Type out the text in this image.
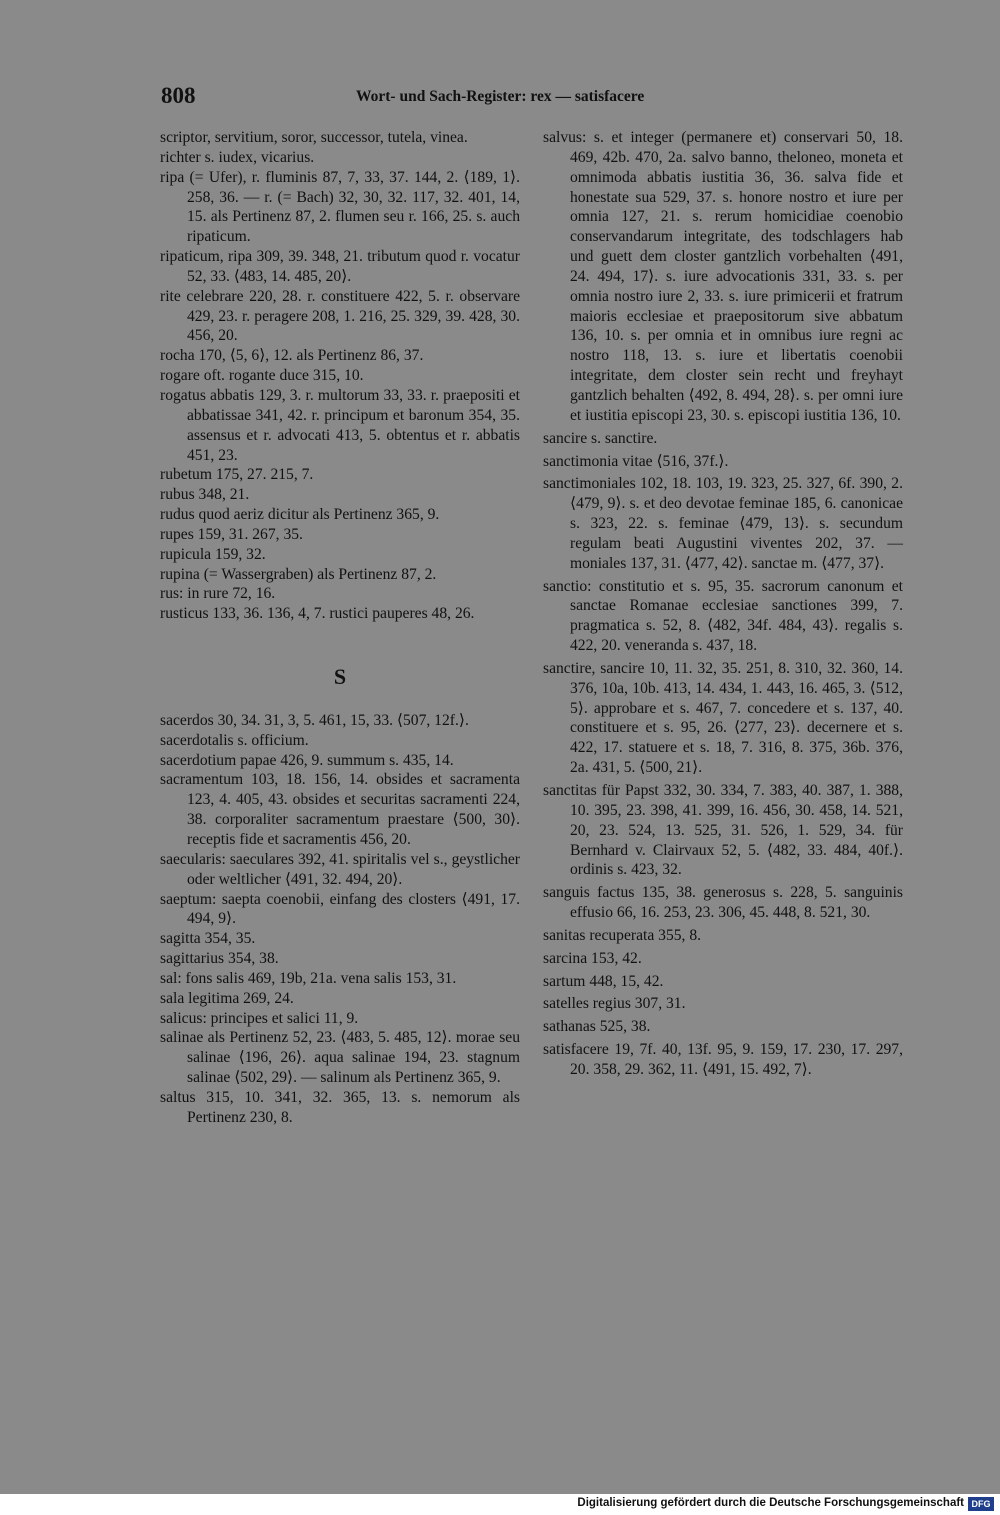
808	Wort- und Sach-Register: rex — satisfacere
scriptor, servitium, soror, successor, tutela, vinea.
richter s. iudex, vicarius.
ripa (= Ufer), r. fluminis 87, 7, 33, 37. 144, 2. ⟨189, 1⟩. 258, 36. — r. (= Bach) 32, 30, 32. 117, 32. 401, 14, 15. als Pertinenz 87, 2. flumen seu r. 166, 25. s. auch ripaticum.
ripaticum, ripa 309, 39. 348, 21. tributum quod r. vocatur 52, 33. ⟨483, 14. 485, 20⟩.
rite celebrare 220, 28. r. constituere 422, 5. r. observare 429, 23. r. peragere 208, 1. 216, 25. 329, 39. 428, 30. 456, 20.
rocha 170, ⟨5, 6⟩, 12. als Pertinenz 86, 37.
rogare oft. rogante duce 315, 10.
rogatus abbatis 129, 3. r. multorum 33, 33. r. praepositi et abbatissae 341, 42. r. principum et baronum 354, 35. assensus et r. advocati 413, 5. obtentus et r. abbatis 451, 23.
rubetum 175, 27. 215, 7.
rubus 348, 21.
rudus quod aeriz dicitur als Pertinenz 365, 9.
rupes 159, 31. 267, 35.
rupicula 159, 32.
rupina (= Wassergraben) als Pertinenz 87, 2.
rus: in rure 72, 16.
rusticus 133, 36. 136, 4, 7. rustici pauperes 48, 26.
S
sacerdos 30, 34. 31, 3, 5. 461, 15, 33. ⟨507, 12f.⟩.
sacerdotalis s. officium.
sacerdotium papae 426, 9. summum s. 435, 14.
sacramentum 103, 18. 156, 14. obsides et sacramenta 123, 4. 405, 43. obsides et securitas sacramenti 224, 38. corporaliter sacramentum praestare ⟨500, 30⟩. receptis fide et sacramentis 456, 20.
saecularis: saeculares 392, 41. spiritalis vel s., geystlicher oder weltlicher ⟨491, 32. 494, 20⟩.
saeptum: saepta coenobii, einfang des closters ⟨491, 17. 494, 9⟩.
sagitta 354, 35.
sagittarius 354, 38.
sal: fons salis 469, 19b, 21a. vena salis 153, 31.
sala legitima 269, 24.
salicus: principes et salici 11, 9.
salinae als Pertinenz 52, 23. ⟨483, 5. 485, 12⟩. morae seu salinae ⟨196, 26⟩. aqua salinae 194, 23. stagnum salinae ⟨502, 29⟩. — salinum als Pertinenz 365, 9.
saltus 315, 10. 341, 32. 365, 13. s. nemorum als Pertinenz 230, 8.
salvus: s. et integer (permanere et) conservari 50, 18. 469, 42b. 470, 2a. salvo banno, theloneo, moneta et omnimoda abbatis iustitia 36, 36. salva fide et honestate sua 529, 37. s. honore nostro et iure per omnia 127, 21. s. rerum homicidiae coenobio conservandarum integritate, des todschlagers hab und guett dem closter gantzlich vorbehalten ⟨491, 24. 494, 17⟩. s. iure advocationis 331, 33. s. per omnia nostro iure 2, 33. s. iure primicerii et fratrum maioris ecclesiae et praepositorum sive abbatum 136, 10. s. per omnia et in omnibus iure regni ac nostro 118, 13. s. iure et libertatis coenobii integritate, dem closter sein recht und freyhayt gantzlich behalten ⟨492, 8. 494, 28⟩. s. per omni iure et iustitia episcopi 23, 30. s. episcopi iustitia 136, 10.
sancire s. sanctire.
sanctimonia vitae ⟨516, 37f.⟩.
sanctimoniales 102, 18. 103, 19. 323, 25. 327, 6f. 390, 2. ⟨479, 9⟩. s. et deo devotae feminae 185, 6. canonicae s. 323, 22. s. feminae ⟨479, 13⟩. s. secundum regulam beati Augustini viventes 202, 37. — moniales 137, 31. ⟨477, 42⟩. sanctae m. ⟨477, 37⟩.
sanctio: constitutio et s. 95, 35. sacrorum canonum et sanctae Romanae ecclesiae sanctiones 399, 7. pragmatica s. 52, 8. ⟨482, 34f. 484, 43⟩. regalis s. 422, 20. veneranda s. 437, 18.
sanctire, sancire 10, 11. 32, 35. 251, 8. 310, 32. 360, 14. 376, 10a, 10b. 413, 14. 434, 1. 443, 16. 465, 3. ⟨512, 5⟩. approbare et s. 467, 7. concedere et s. 137, 40. constituere et s. 95, 26. ⟨277, 23⟩. decernere et s. 422, 17. statuere et s. 18, 7. 316, 8. 375, 36b. 376, 2a. 431, 5. ⟨500, 21⟩.
sanctitas für Papst 332, 30. 334, 7. 383, 40. 387, 1. 388, 10. 395, 23. 398, 41. 399, 16. 456, 30. 458, 14. 521, 20, 23. 524, 13. 525, 31. 526, 1. 529, 34. für Bernhard v. Clairvaux 52, 5. ⟨482, 33. 484, 40f.⟩. ordinis s. 423, 32.
sanguis factus 135, 38. generosus s. 228, 5. sanguinis effusio 66, 16. 253, 23. 306, 45. 448, 8. 521, 30.
sanitas recuperata 355, 8.
sarcina 153, 42.
sartum 448, 15, 42.
satelles regius 307, 31.
sathanas 525, 38.
satisfacere 19, 7f. 40, 13f. 95, 9. 159, 17. 230, 17. 297, 20. 358, 29. 362, 11. ⟨491, 15. 492, 7⟩.
Digitalisierung gefördert durch die Deutsche Forschungsgemeinschaft DFG
